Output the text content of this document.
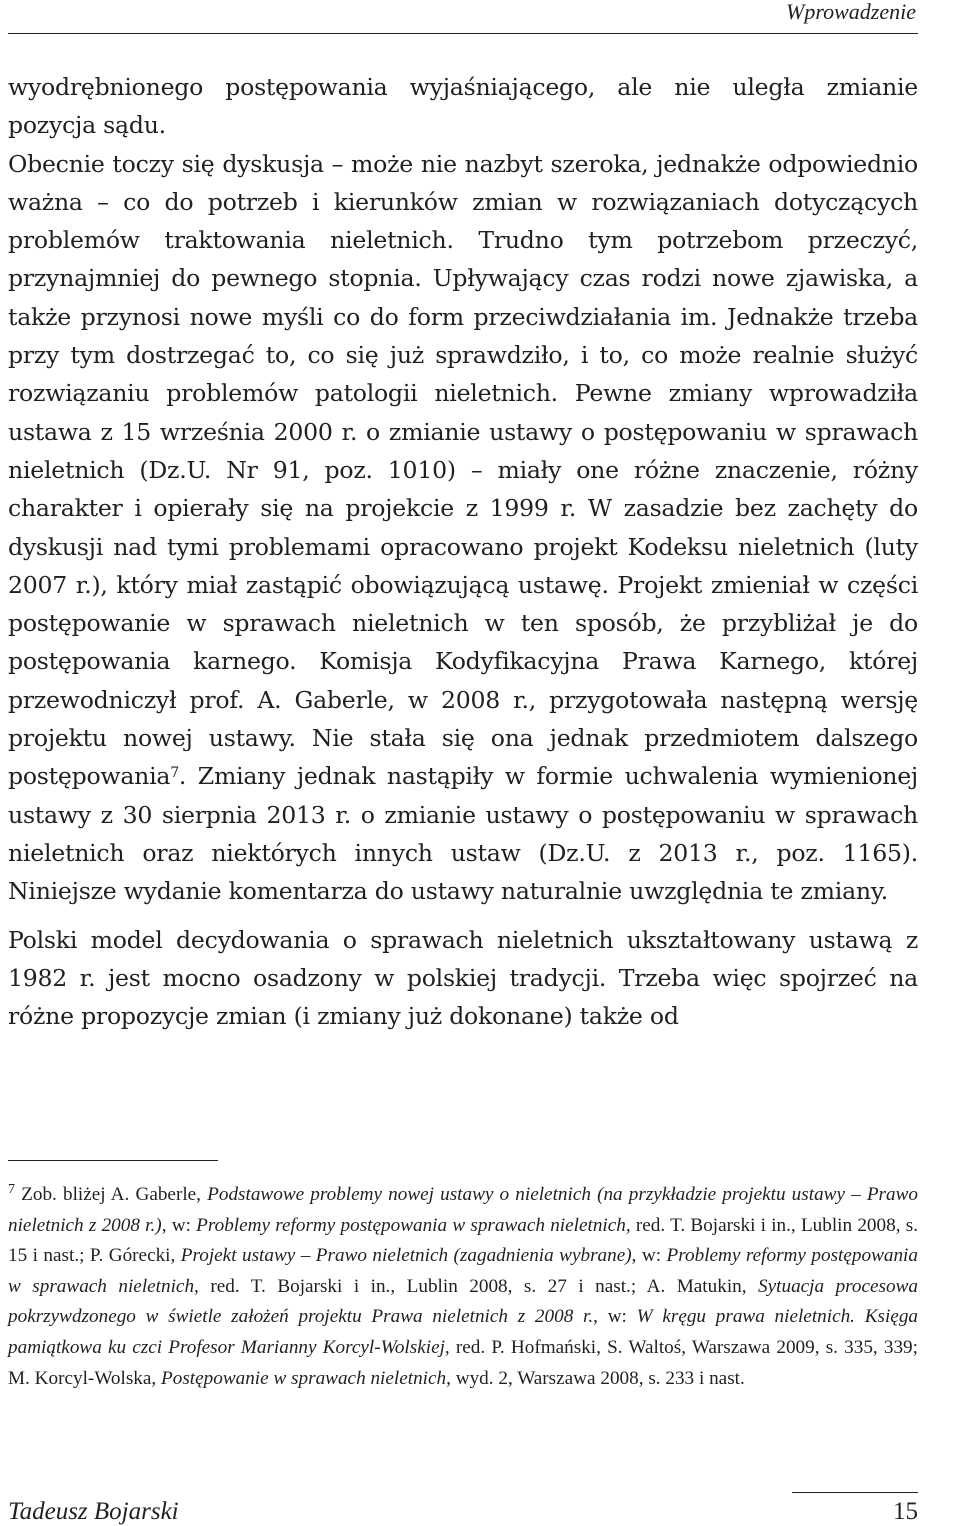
Wprowadzenie

wyodrębnionego postępowania wyjaśniającego, ale nie uległa zmianie pozycja sądu.

Obecnie toczy się dyskusja – może nie nazbyt szeroka, jednakże odpowiednio ważna – co do potrzeb i kierunków zmian w rozwiązaniach dotyczących problemów traktowania nieletnich. Trudno tym potrzebom przeczyć, przynajmniej do pewnego stopnia. Upływający czas rodzi nowe zjawiska, a także przynosi nowe myśli co do form przeciwdziałania im. Jednakże trzeba przy tym dostrzegać to, co się już sprawdziło, i to, co może realnie służyć rozwiązaniu problemów patologii nieletnich. Pewne zmiany wprowadziła ustawa z 15 września 2000 r. o zmianie ustawy o postępowaniu w sprawach nieletnich (Dz.U. Nr 91, poz. 1010) – miały one różne znaczenie, różny charakter i opierały się na projekcie z 1999 r. W zasadzie bez zachęty do dyskusji nad tymi problemami opracowano projekt Kodeksu nieletnich (luty 2007 r.), który miał zastąpić obowiązującą ustawę. Projekt zmieniał w części postępowanie w sprawach nieletnich w ten sposób, że przybliżał je do postępowania karnego. Komisja Kodyfikacyjna Prawa Karnego, której przewodniczył prof. A. Gaberle, w 2008 r., przygotowała następną wersję projektu nowej ustawy. Nie stała się ona jednak przedmiotem dalszego postępowania$^7$. Zmiany jednak nastąpiły w formie uchwalenia wymienionej ustawy z 30 sierpnia 2013 r. o zmianie ustawy o postępowaniu w sprawach nieletnich oraz niektórych innych ustaw (Dz.U. z 2013 r., poz. 1165). Niniejsze wydanie komentarza do ustawy naturalnie uwzględnia te zmiany.

Polski model decydowania o sprawach nieletnich ukształtowany ustawą z 1982 r. jest mocno osadzony w polskiej tradycji. Trzeba więc spojrzeć na różne propozycje zmian (i zmiany już dokonane) także od

$^7$ Zob. bliżej A. Gaberle, Podstawowe problemy nowej ustawy o nieletnich (na przykładzie projektu ustawy – Prawo nieletnich z 2008 r.), w: Problemy reformy postępowania w sprawach nieletnich, red. T. Bojarski i in., Lublin 2008, s. 15 i nast.; P. Górecki, Projekt ustawy – Prawo nieletnich (zagadnienia wybrane), w: Problemy reformy postępowania w sprawach nieletnich, red. T. Bojarski i in., Lublin 2008, s. 27 i nast.; A. Matukin, Sytuacja procesowa pokrzywdzonego w świetle założeń projektu Prawa nieletnich z 2008 r., w: W kręgu prawa nieletnich. Księga pamiątkowa ku czci Profesor Marianny Korcyl-Wolskiej, red. P. Hofmański, S. Waltoś, Warszawa 2009, s. 335, 339; M. Korcyl-Wolska, Postępowanie w sprawach nieletnich, wyd. 2, Warszawa 2008, s. 233 i nast.
Tadeusz Bojarski	15
